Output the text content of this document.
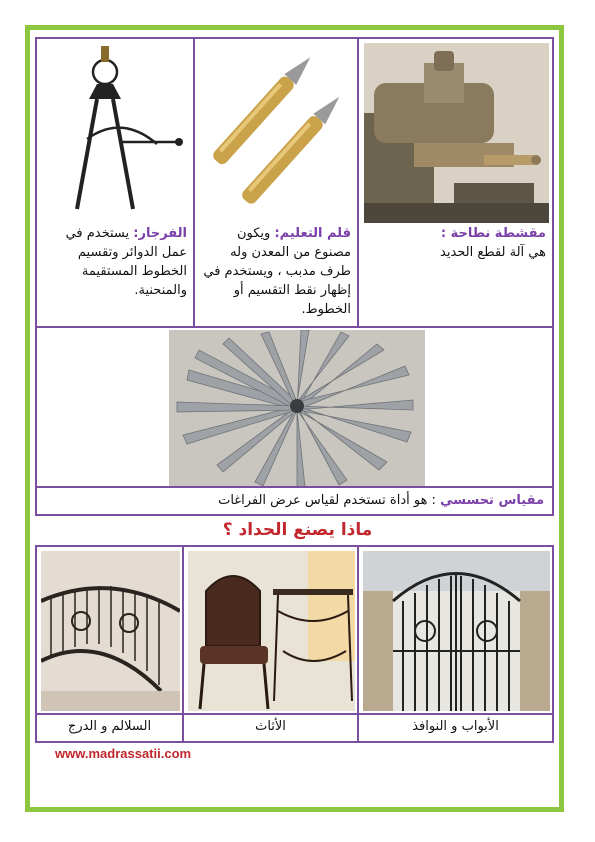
مقشطة نطاحة :
هي آلة لقطع الحديد
قلم التعليم: ويكون مصنوع من المعدن وله طرف مدبب ، ويستخدم في إظهار نقط التقسيم أو الخطوط.
الفرجار: يستخدم في عمل الدوائر وتقسيم الخطوط المستقيمة والمنحنية.
مقياس تحسسي : هو أداة تستخدم لقياس عرض الفراغات
ماذا يصنع الحداد ؟
الأبواب و النوافذ
الأثاث
السلالم و الدرج
www.madrassatii.com
